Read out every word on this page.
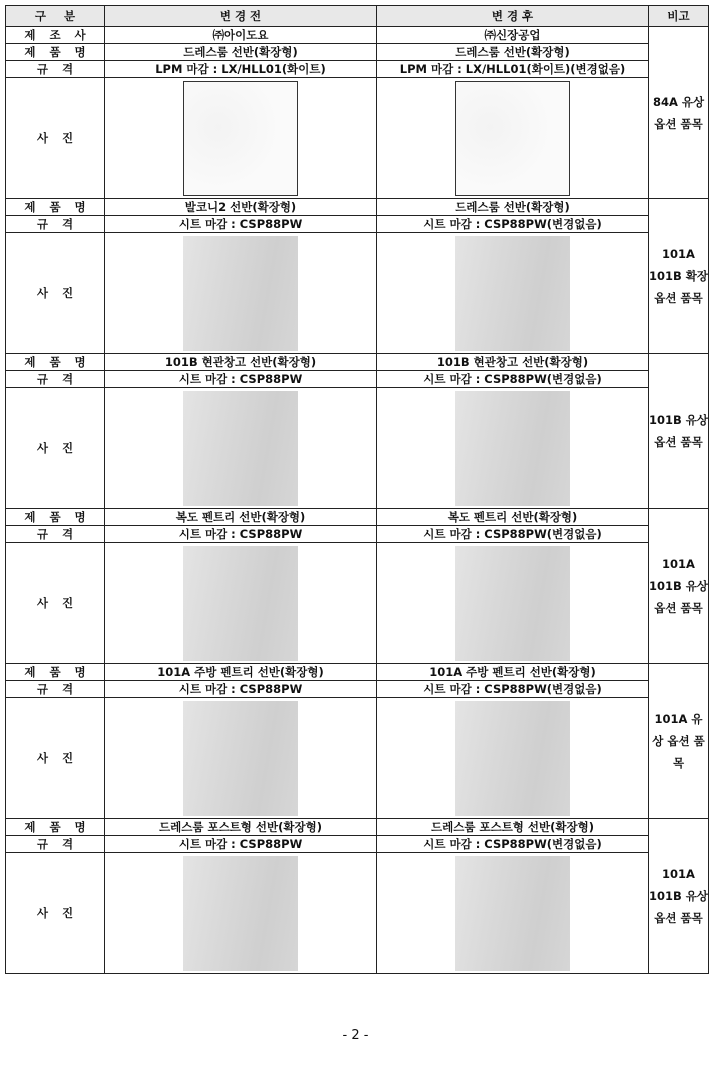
구 분	변 경 전	변 경 후	비고
제 조 사	㈜아이도요	㈜신장공업	84A 유상 옵션 품목
제 품 명	드레스룸 선반(확장형)	드레스룸 선반(확장형)	
규 격	LPM 마감 : LX/HLL01(화이트)	LPM 마감 : LX/HLL01(화이트)(변경없음)	
사 진		

제 품 명	발코니2 선반(확장형)	드레스룸 선반(확장형)	101A 101B 확장 옵션 품목
규 격	시트 마감 : CSP88PW	시트 마감 : CSP88PW(변경없음)	
사 진		

제 품 명	101B 현관창고 선반(확장형)	101B 현관창고 선반(확장형)	101B 유상 옵션 품목
규 격	시트 마감 : CSP88PW	시트 마감 : CSP88PW(변경없음)	
사 진		

제 품 명	복도 펜트리 선반(확장형)	복도 펜트리 선반(확장형)	101A 101B 유상 옵션 품목
규 격	시트 마감 : CSP88PW	시트 마감 : CSP88PW(변경없음)	
사 진		

제 품 명	101A 주방 펜트리 선반(확장형)	101A 주방 펜트리 선반(확장형)	101A 유상 옵션 품목
규 격	시트 마감 : CSP88PW	시트 마감 : CSP88PW(변경없음)	
사 진		

제 품 명	드레스룸 포스트형 선반(확장형)	드레스룸 포스트형 선반(확장형)	101A 101B 유상 옵션 품목
규 격	시트 마감 : CSP88PW	시트 마감 : CSP88PW(변경없음)	
사 진		

- 2 -
